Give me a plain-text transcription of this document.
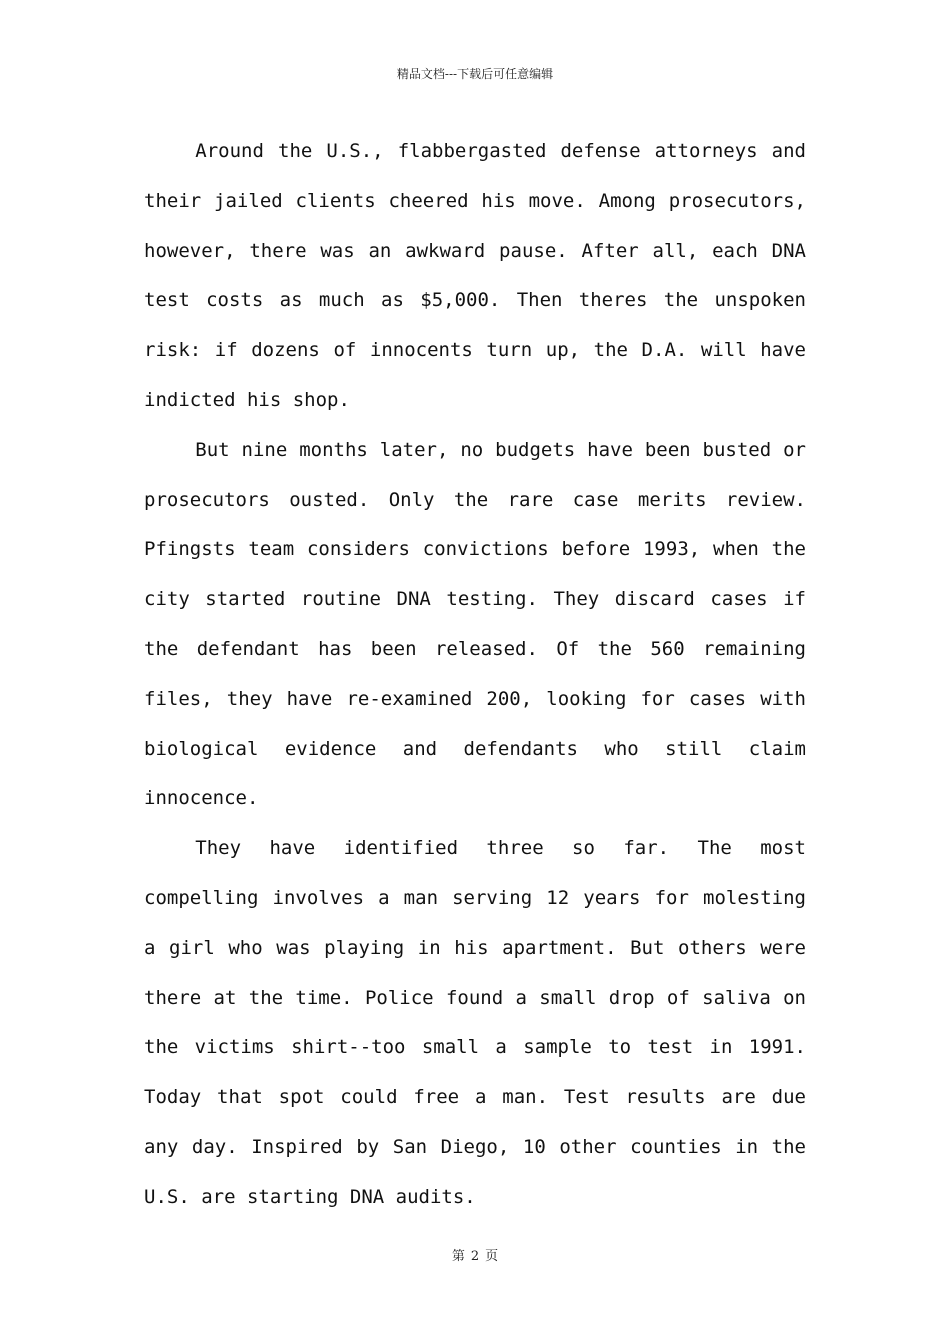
精品文档---下载后可任意编辑

Around the U.S., flabbergasted defense attorneys and their jailed clients cheered his move. Among prosecutors, however, there was an awkward pause. After all, each DNA test costs as much as $5,000. Then theres the unspoken risk: if dozens of innocents turn up, the D.A. will have indicted his shop.

But nine months later, no budgets have been busted or prosecutors ousted. Only the rare case merits review. Pfingsts team considers convictions before 1993, when the city started routine DNA testing. They discard cases if the defendant has been released. Of the 560 remaining files, they have re-examined 200, looking for cases with biological evidence and defendants who still claim innocence.

They have identified three so far. The most compelling involves a man serving 12 years for molesting a girl who was playing in his apartment. But others were there at the time. Police found a small drop of saliva on the victims shirt--too small a sample to test in 1991. Today that spot could free a man. Test results are due any day. Inspired by San Diego, 10 other counties in the U.S. are starting DNA audits.

第 2 页
